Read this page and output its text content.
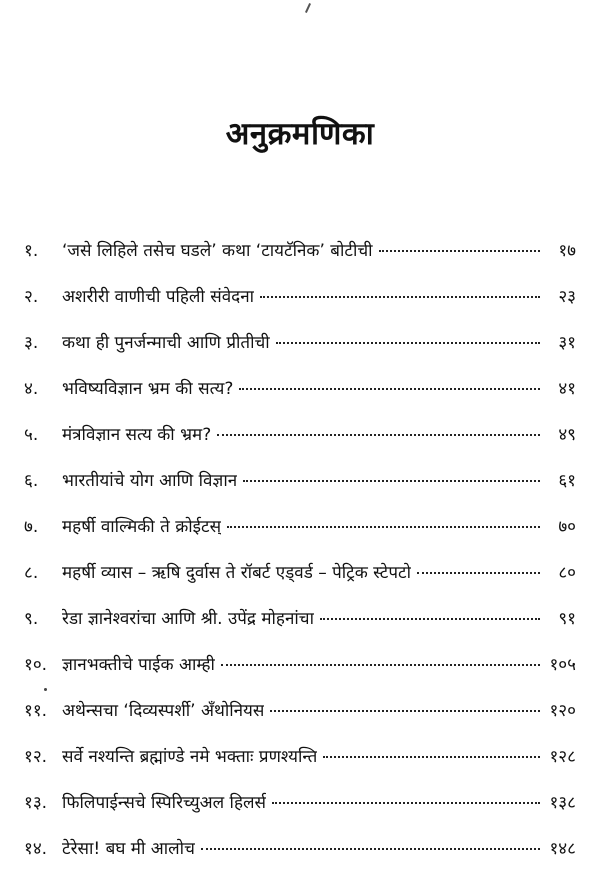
अनुक्रमणिका
१.	‘जसे लिहिले तसेच घडले’ कथा ‘टायटॅनिक’ बोटीची	१७
२.	अशरीरी वाणीची पहिली संवेदना	२३
३.	कथा ही पुनर्जन्माची आणि प्रीतीची	३१
४.	भविष्यविज्ञान भ्रम की सत्य?	४१
५.	मंत्रविज्ञान सत्य की भ्रम?	४९
६.	भारतीयांचे योग आणि विज्ञान	६१
७.	महर्षी वाल्मिकी ते क्रोईटस्	७०
८.	महर्षी व्यास – ऋषि दुर्वास ते रॉबर्ट एड्वर्ड – पेट्रिक स्टेपटो	८०
९.	रेडा ज्ञानेश्वरांचा आणि श्री. उपेंद्र मोहनांचा	९१
१०. ज्ञानभक्तीचे पाईक आम्ही	१०५
११. अथेन्सचा ‘दिव्यस्पर्शी’ अँथोनियस	१२०
१२. सर्वे नश्यन्ति ब्रह्मांण्डे नमे भक्ताः प्रणश्यन्ति	१२८
१३. फिलिपाईन्सचे स्पिरिच्युअल हिलर्स	१३८
१४. टेरेसा! बघ मी आलोच	१४८
